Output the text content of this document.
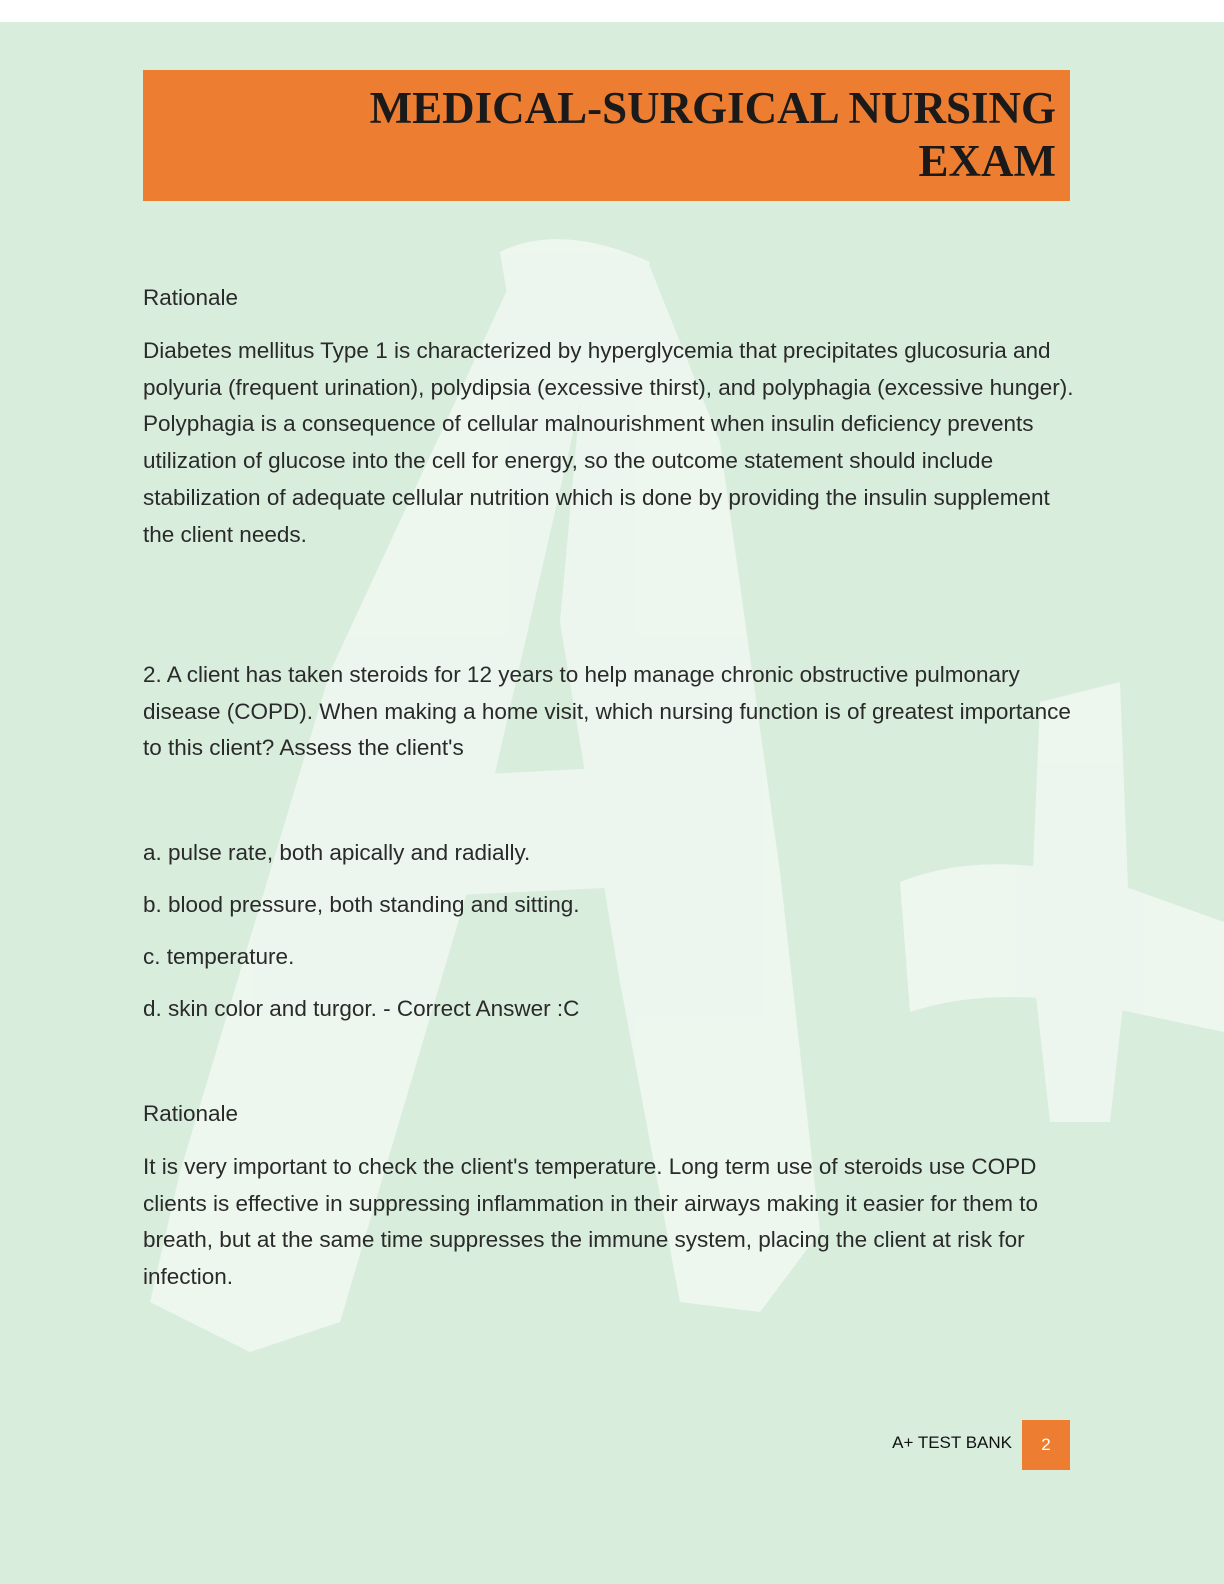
MEDICAL-SURGICAL NURSING EXAM

Rationale

Diabetes mellitus Type 1 is characterized by hyperglycemia that precipitates glucosuria and polyuria (frequent urination), polydipsia (excessive thirst), and polyphagia (excessive hunger). Polyphagia is a consequence of cellular malnourishment when insulin deficiency prevents utilization of glucose into the cell for energy, so the outcome statement should include stabilization of adequate cellular nutrition which is done by providing the insulin supplement the client needs.

2. A client has taken steroids for 12 years to help manage chronic obstructive pulmonary disease (COPD). When making a home visit, which nursing function is of greatest importance to this client? Assess the client's

a. pulse rate, both apically and radially.

b. blood pressure, both standing and sitting.

c. temperature.

d. skin color and turgor. - Correct Answer :C

Rationale

It is very important to check the client's temperature. Long term use of steroids use COPD clients is effective in suppressing inflammation in their airways making it easier for them to breath, but at the same time suppresses the immune system, placing the client at risk for infection.

A+ TEST BANK	2
